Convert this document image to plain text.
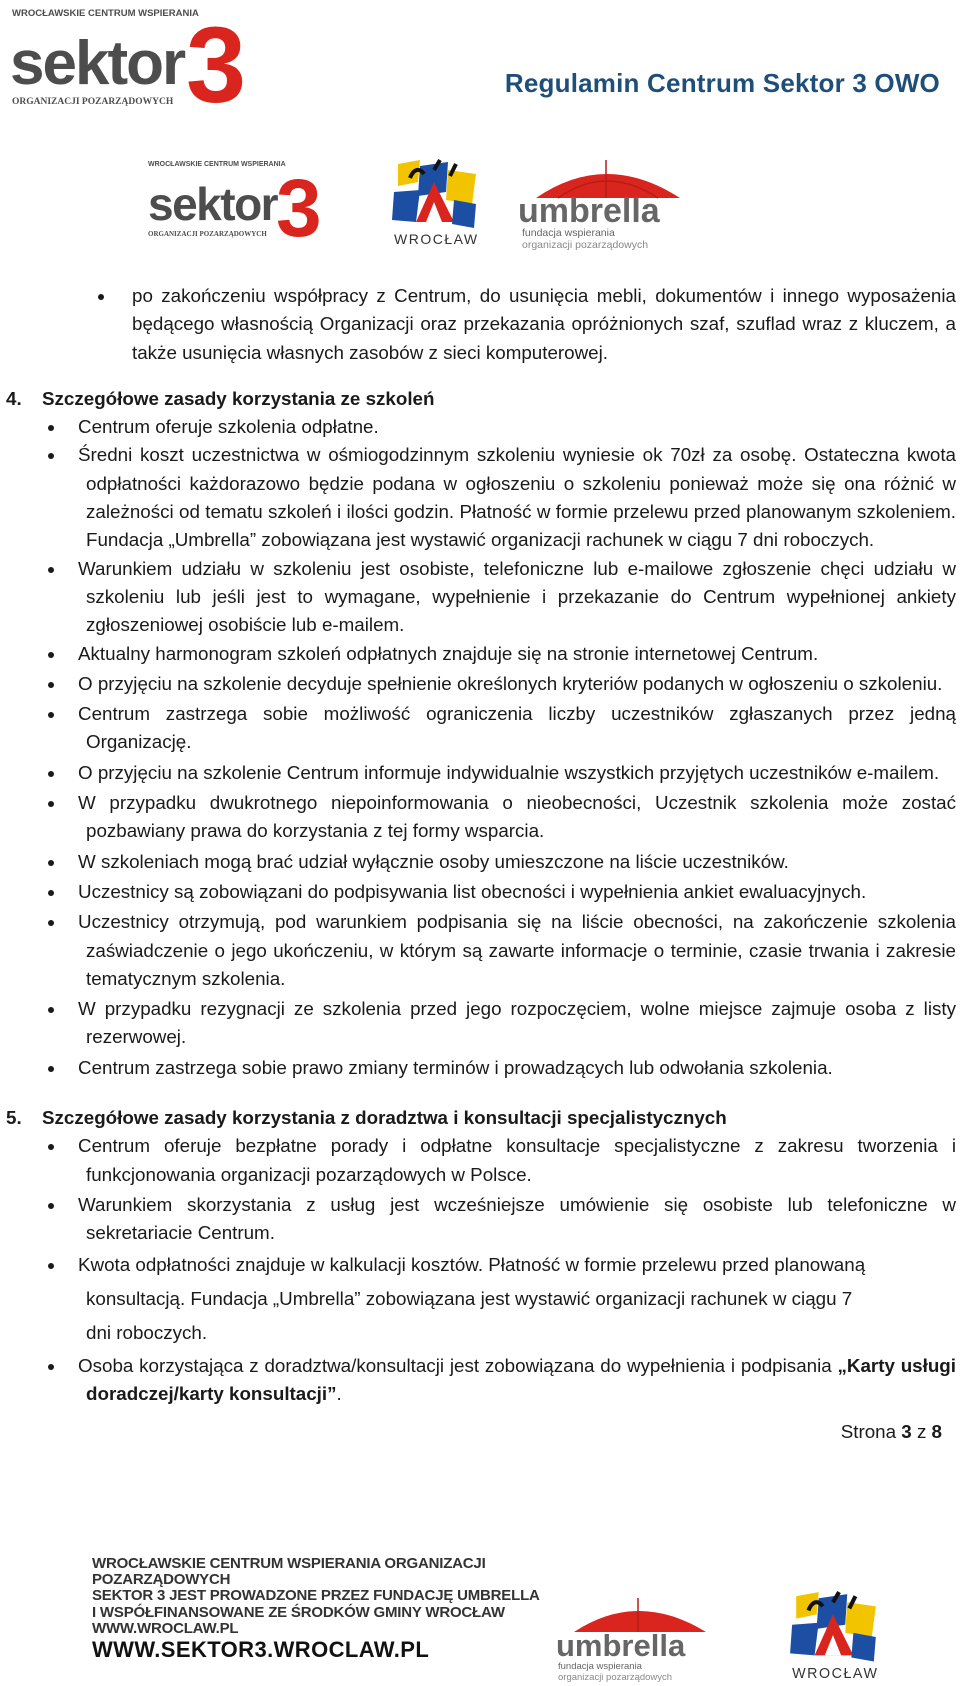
WROCŁAWSKIE CENTRUM WSPIERANIA
sektor 3
ORGANIZACJI POZARZĄDOWYCH
Regulamin Centrum Sektor 3 OWO
WROCŁAWSKIE CENTRUM WSPIERANIA
sektor
3
ORGANIZACJI POZARZĄDOWYCH	WROCŁAW
umbrella
fundacja wspierania
organizacji pozarządowych
po zakończeniu współpracy z Centrum, do usunięcia mebli, dokumentów i innego wyposażenia będącego własnością Organizacji oraz przekazania opróżnionych szaf, szuflad wraz z kluczem, a także usunięcia własnych zasobów z sieci komputerowej.
4.	Szczegółowe zasady korzystania ze szkoleń
Centrum oferuje szkolenia odpłatne.
Średni koszt uczestnictwa w ośmiogodzinnym szkoleniu wyniesie ok 70zł za osobę. Ostateczna kwota odpłatności każdorazowo będzie podana w ogłoszeniu o szkoleniu ponieważ może się ona różnić w zależności od tematu szkoleń i ilości godzin. Płatność w formie przelewu przed planowanym szkoleniem. Fundacja „Umbrella” zobowiązana jest wystawić organizacji rachunek w ciągu 7 dni roboczych.
Warunkiem udziału w szkoleniu jest osobiste, telefoniczne lub e-mailowe zgłoszenie chęci udziału w szkoleniu lub jeśli jest to wymagane, wypełnienie i przekazanie do Centrum wypełnionej ankiety zgłoszeniowej osobiście lub e-mailem.
Aktualny harmonogram szkoleń odpłatnych znajduje się na stronie internetowej Centrum.
O przyjęciu na szkolenie decyduje spełnienie określonych kryteriów podanych w ogłoszeniu o szkoleniu.
Centrum zastrzega sobie możliwość ograniczenia liczby uczestników zgłaszanych przez jedną Organizację.
O przyjęciu na szkolenie Centrum informuje indywidualnie wszystkich przyjętych uczestników e-mailem.
W przypadku dwukrotnego niepoinformowania o nieobecności, Uczestnik szkolenia może zostać pozbawiany prawa do korzystania z tej formy wsparcia.
W szkoleniach mogą brać udział wyłącznie osoby umieszczone na liście uczestników.
Uczestnicy są zobowiązani do podpisywania list obecności i wypełnienia ankiet ewaluacyjnych.
Uczestnicy otrzymują, pod warunkiem podpisania się na liście obecności, na zakończenie szkolenia zaświadczenie o jego ukończeniu, w którym są zawarte informacje o terminie, czasie trwania i zakresie tematycznym szkolenia.
W przypadku rezygnacji ze szkolenia przed jego rozpoczęciem, wolne miejsce zajmuje osoba z listy rezerwowej.
Centrum zastrzega sobie prawo zmiany terminów i prowadzących lub odwołania szkolenia.
5.	Szczegółowe zasady korzystania z doradztwa i konsultacji specjalistycznych
Centrum oferuje bezpłatne porady i odpłatne konsultacje specjalistyczne z zakresu tworzenia i funkcjonowania organizacji pozarządowych w Polsce.
Warunkiem skorzystania z usług jest wcześniejsze umówienie się osobiste lub telefoniczne w sekretariacie Centrum.
Kwota odpłatności znajduje w kalkulacji kosztów. Płatność w formie przelewu przed planowaną konsultacją. Fundacja „Umbrella” zobowiązana jest wystawić organizacji rachunek w ciągu 7 dni roboczych.
Osoba korzystająca z doradztwa/konsultacji jest zobowiązana do wypełnienia i podpisania „Karty usługi doradczej/karty konsultacji”.
Strona 3 z 8
WROCŁAWSKIE CENTRUM WSPIERANIA ORGANIZACJI POZARZĄDOWYCH
SEKTOR 3 JEST PROWADZONE PRZEZ FUNDACJĘ UMBRELLA
I WSPÓŁFINANSOWANE ZE ŚRODKÓW GMINY WROCŁAW
WWW.WROCLAW.PL
WWW.SEKTOR3.WROCLAW.PL	umbrella
fundacja wspierania
organizacji pozarządowych	WROCŁAW
